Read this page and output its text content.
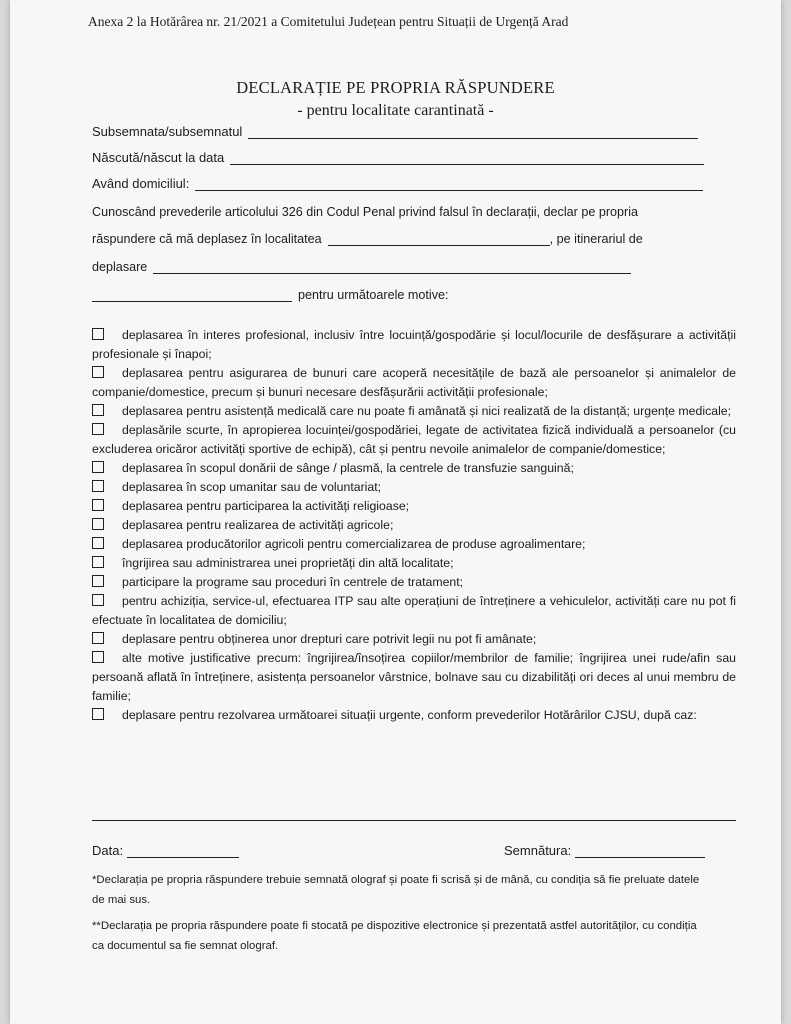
Anexa 2 la Hotărârea nr. 21/2021 a Comitetului Județean pentru Situații de Urgență Arad
DECLARAȚIE PE PROPRIA RĂSPUNDERE
- pentru localitate carantinată -
Subsemnata/subsemnatul
Născută/născut la data
Având domiciliul:
Cunoscând prevederile articolului 326 din Codul Penal privind falsul în declarații, declar pe propria
răspundere că mă deplasez în localitatea	, pe itinerariul de
deplasare
pentru următoarele motive:
deplasarea în interes profesional, inclusiv între locuință/gospodărie și locul/locurile de desfășurare a activității profesionale și înapoi;
deplasarea pentru asigurarea de bunuri care acoperă necesitățile de bază ale persoanelor și animalelor de companie/domestice, precum și bunuri necesare desfășurării activității profesionale;
deplasarea pentru asistență medicală care nu poate fi amânată și nici realizată de la distanță; urgențe medicale;
deplasările scurte, în apropierea locuinței/gospodăriei, legate de activitatea fizică individuală a persoanelor (cu excluderea oricăror activități sportive de echipă), cât și pentru nevoile animalelor de companie/domestice;
deplasarea în scopul donării de sânge / plasmă, la centrele de transfuzie sanguină;
deplasarea în scop umanitar sau de voluntariat;
deplasarea pentru participarea la activități religioase;
deplasarea pentru realizarea de activități agricole;
deplasarea producătorilor agricoli pentru comercializarea de produse agroalimentare;
îngrijirea sau administrarea unei proprietăți din altă localitate;
participare la programe sau proceduri în centrele de tratament;
pentru achiziția, service-ul, efectuarea ITP sau alte operațiuni de întreținere a vehiculelor, activități care nu pot fi efectuate în localitatea de domiciliu;
deplasare pentru obținerea unor drepturi care potrivit legii nu pot fi amânate;
alte motive justificative precum: îngrijirea/însoțirea copiilor/membrilor de familie; îngrijirea unei rude/afin sau persoană aflată în întreținere, asistența persoanelor vârstnice, bolnave sau cu dizabilități ori deces al unui membru de familie;
deplasare pentru rezolvarea următoarei situații urgente, conform prevederilor Hotărârilor CJSU, după caz:
Data:	Semnătura:
*Declarația pe propria răspundere trebuie semnată olograf și poate fi scrisă și de mână, cu condiția să fie preluate datele de mai sus.
**Declarația pe propria răspundere poate fi stocată pe dispozitive electronice și prezentată astfel autorităților, cu condiția ca documentul sa fie semnat olograf.
